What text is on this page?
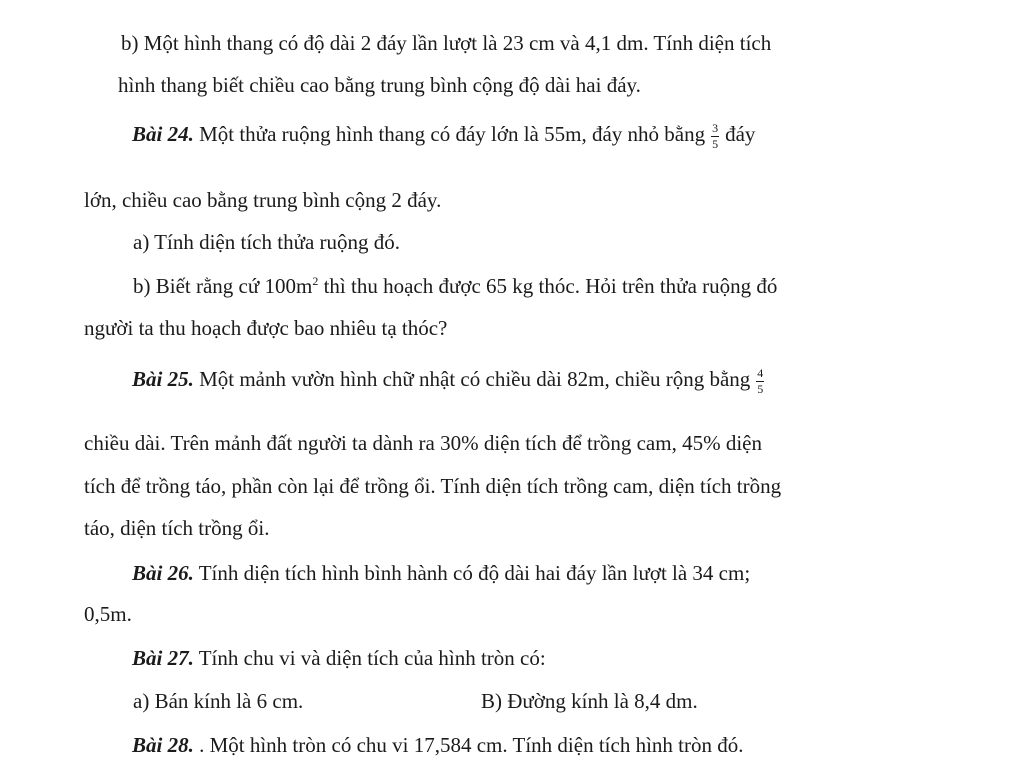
b) Một hình thang có độ dài 2 đáy lần lượt là 23 cm và 4,1 dm. Tính diện tích
hình thang biết chiều cao bằng trung bình cộng độ dài hai đáy.
Bài 24. Một thửa ruộng hình thang có đáy lớn là 55m, đáy nhỏ bằng $\frac{3}{5}$ đáy
lớn, chiều cao bằng trung bình cộng 2 đáy.
a) Tính diện tích thửa ruộng đó.
b) Biết rằng cứ $100m^2$ thì thu hoạch được 65 kg thóc. Hỏi trên thửa ruộng đó
người ta thu hoạch được bao nhiêu tạ thóc?
Bài 25. Một mảnh vườn hình chữ nhật có chiều dài 82m, chiều rộng bằng $\frac{4}{5}$
chiều dài. Trên mảnh đất người ta dành ra 30% diện tích để trồng cam, 45% diện
tích để trồng táo, phần còn lại để trồng ổi. Tính diện tích trồng cam, diện tích trồng
táo, diện tích trồng ổi.
Bài 26. Tính diện tích hình bình hành có độ dài hai đáy lần lượt là 34 cm;
0,5m.
Bài 27. Tính chu vi và diện tích của hình tròn có:
a) Bán kính là 6 cm.	B) Đường kính là 8,4 dm.
Bài 28. . Một hình tròn có chu vi 17,584 cm. Tính diện tích hình tròn đó.
